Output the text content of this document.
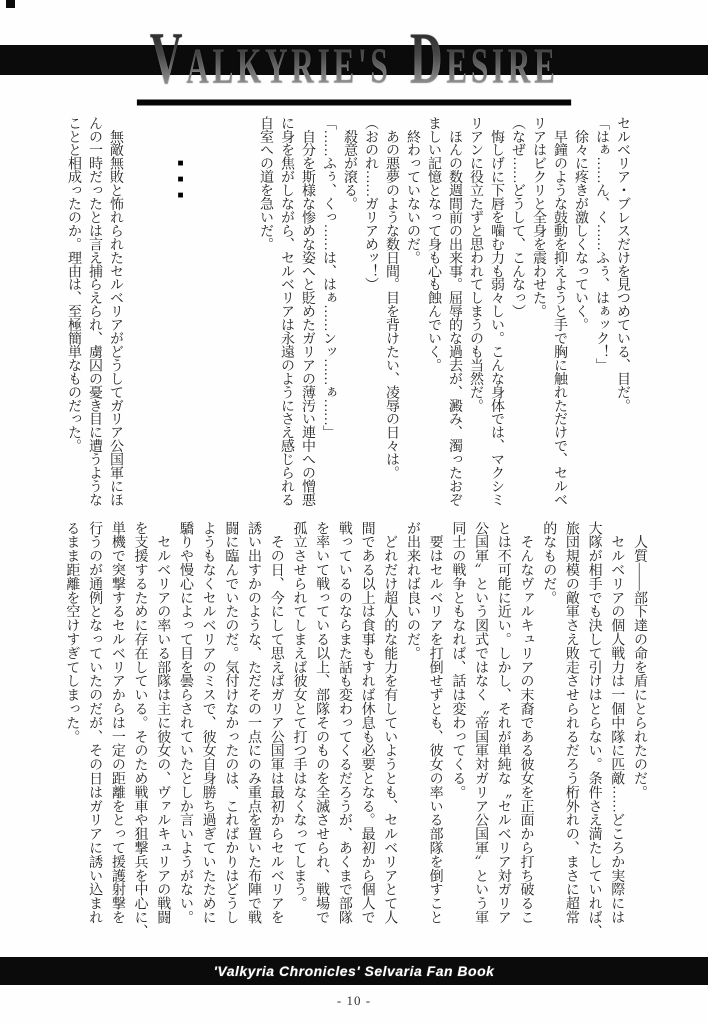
VALKYRIE'S DESIRE

セルベリア・ブレスだけを見つめている、目だ。

「はぁ……ん、く……ふぅ、はぁック！」

　徐々に疼きが激しくなっていく。

　早鐘のような鼓動を抑えようと手で胸に触れただけで、セルベ

リアはビクリと全身を震わせた。

（なぜ……どうして、こんなっ）

　悔しげに下唇を噛む力も弱々しい。こんな身体では、マクシミ

リアンに役立たずと思われてしまうのも当然だ。

　ほんの数週間前の出来事。屈辱的な過去が、澱み、濁ったおぞ

ましい記憶となって身も心も蝕んでいく。

　終わっていないのだ。

　あの悪夢のような数日間。目を背けたい、凌辱の日々は。

（おのれ……ガリアめッ！）

　殺意が滾る。

「……ふぅ、くっ……は、はぁ……ンッ……ぁ……」

　自分を斯様な惨めな姿へと貶めたガリアの薄汚い連中への憎悪

に身を焦がしながら、セルベリアは永遠のようにさえ感じられる

自室への道を急いだ。

■■■

　無敵無敗と怖れられたセルベリアがどうしてガリア公国軍にほ

んの一時だったとは言え捕らえられ、虜囚の憂き目に遭うような

ことと相成ったのか。理由は、至極簡単なものだった。

　人質——部下達の命を盾にとられたのだ。

　セルベリアの個人戦力は一個中隊に匹敵……どころか実際には

大隊が相手でも決して引けはとらない。条件さえ満たしていれば、

旅団規模の敵軍さえ敗走させられるだろう桁外れの、まさに超常

的なものだ。

　そんなヴァルキュリアの末裔である彼女を正面から打ち破るこ

とは不可能に近い。しかし、それが単純な〝セルベリア対ガリア

公国軍〟という図式ではなく〝帝国軍対ガリア公国軍〟という軍

同士の戦争ともなれば、話は変わってくる。

　要はセルベリアを打倒せずとも、彼女の率いる部隊を倒すこと

が出来れば良いのだ。

　どれだけ超人的な能力を有していようとも、セルベリアとて人

間である以上は食事もすれば休息も必要となる。最初から個人で

戦っているのならまた話も変わってくるだろうが、あくまで部隊

を率いて戦っている以上、部隊そのものを全滅させられ、戦場で

孤立させられてしまえば彼女とて打つ手はなくなってしまう。

　その日、今にして思えばガリア公国軍は最初からセルベリアを

誘い出すかのような、ただその一点にのみ重点を置いた布陣で戦

闘に臨んでいたのだ。気付けなかったのは、こればかりはどうし

ようもなくセルベリアのミスで、彼女自身勝ち過ぎていたために

驕りや慢心によって目を曇らされていたとしか言いようがない。

　セルベリアの率いる部隊は主に彼女の、ヴァルキュリアの戦闘

を支援するために存在している。そのため戦車や狙撃兵を中心に、

単機で突撃するセルベリアからは一定の距離をとって援護射撃を

行うのが通例となっていたのだが、その日はガリアに誘い込まれ

るまま距離を空けすぎてしまった。

'Valkyria Chronicles' Selvaria Fan Book
- 10 -
